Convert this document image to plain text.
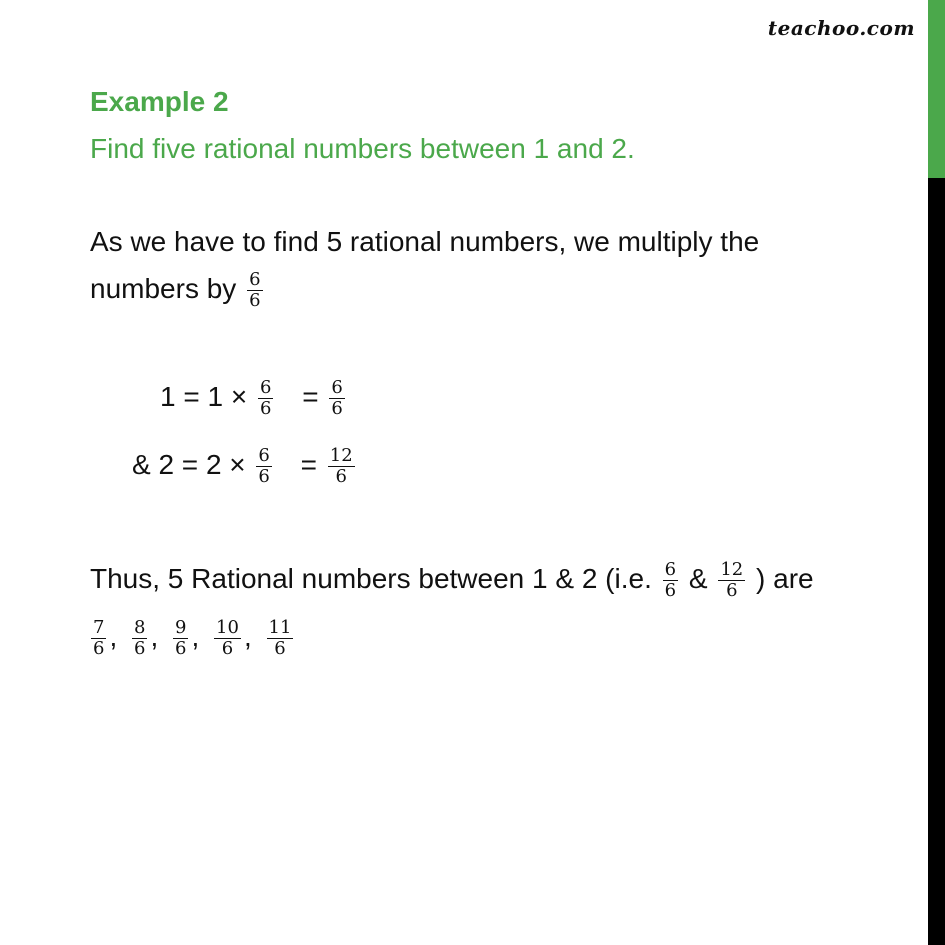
teachoo.com
Example 2
Find five rational numbers between 1 and 2.
As we have to find 5 rational numbers, we multiply the
numbers by $\frac{6}{6}$
$1 = 1 \times \frac{6}{6} = \frac{6}{6}$
& $2 = 2 \times \frac{6}{6} = \frac{12}{6}$
Thus, 5 Rational numbers between 1 & 2 (i.e. $\frac{6}{6}$ & $\frac{12}{6}$ ) are
$\frac{7}{6}$ , $\frac{8}{6}$ , $\frac{9}{6}$ , $\frac{10}{6}$ , $\frac{11}{6}$
